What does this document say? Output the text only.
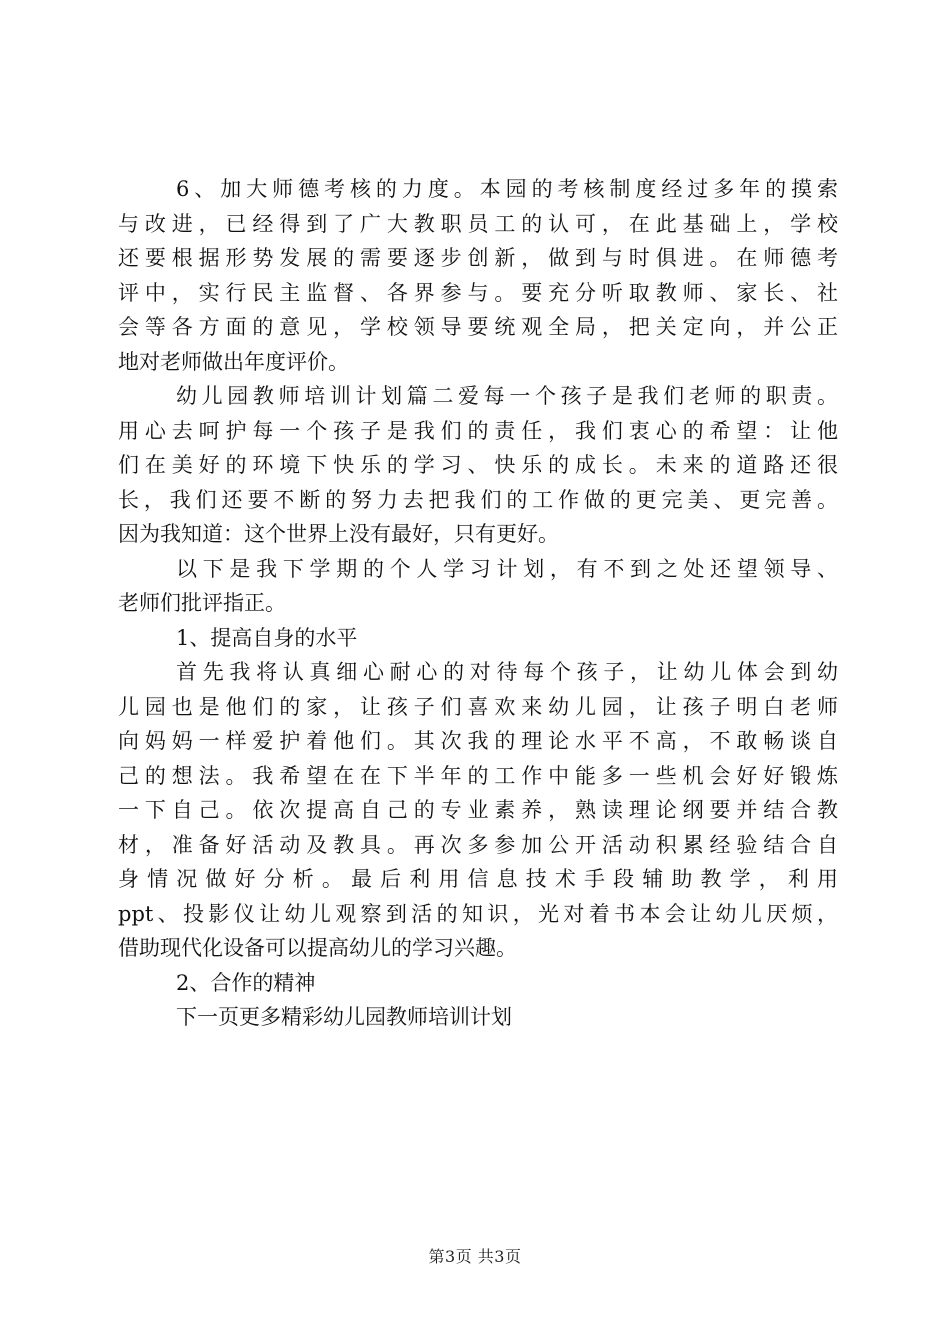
6、加大师德考核的力度。本园的考核制度经过多年的摸索
与改进，已经得到了广大教职员工的认可，在此基础上，学校
还要根据形势发展的需要逐步创新，做到与时俱进。在师德考
评中，实行民主监督、各界参与。要充分听取教师、家长、社
会等各方面的意见，学校领导要统观全局，把关定向，并公正
地对老师做出年度评价。
幼儿园教师培训计划篇二爱每一个孩子是我们老师的职责。
用心去呵护每一个孩子是我们的责任，我们衷心的希望：让他
们在美好的环境下快乐的学习、快乐的成长。未来的道路还很
长，我们还要不断的努力去把我们的工作做的更完美、更完善。
因为我知道：这个世界上没有最好，只有更好。
以下是我下学期的个人学习计划，有不到之处还望领导、
老师们批评指正。
1、提高自身的水平
首先我将认真细心耐心的对待每个孩子，让幼儿体会到幼
儿园也是他们的家，让孩子们喜欢来幼儿园，让孩子明白老师
向妈妈一样爱护着他们。其次我的理论水平不高，不敢畅谈自
己的想法。我希望在在下半年的工作中能多一些机会好好锻炼
一下自己。依次提高自己的专业素养，熟读理论纲要并结合教
材，准备好活动及教具。再次多参加公开活动积累经验结合自
身情况做好分析。最后利用信息技术手段辅助教学，利用
ppt、投影仪让幼儿观察到活的知识，光对着书本会让幼儿厌烦，
借助现代化设备可以提高幼儿的学习兴趣。
2、合作的精神
下一页更多精彩幼儿园教师培训计划
第3页 共3页
